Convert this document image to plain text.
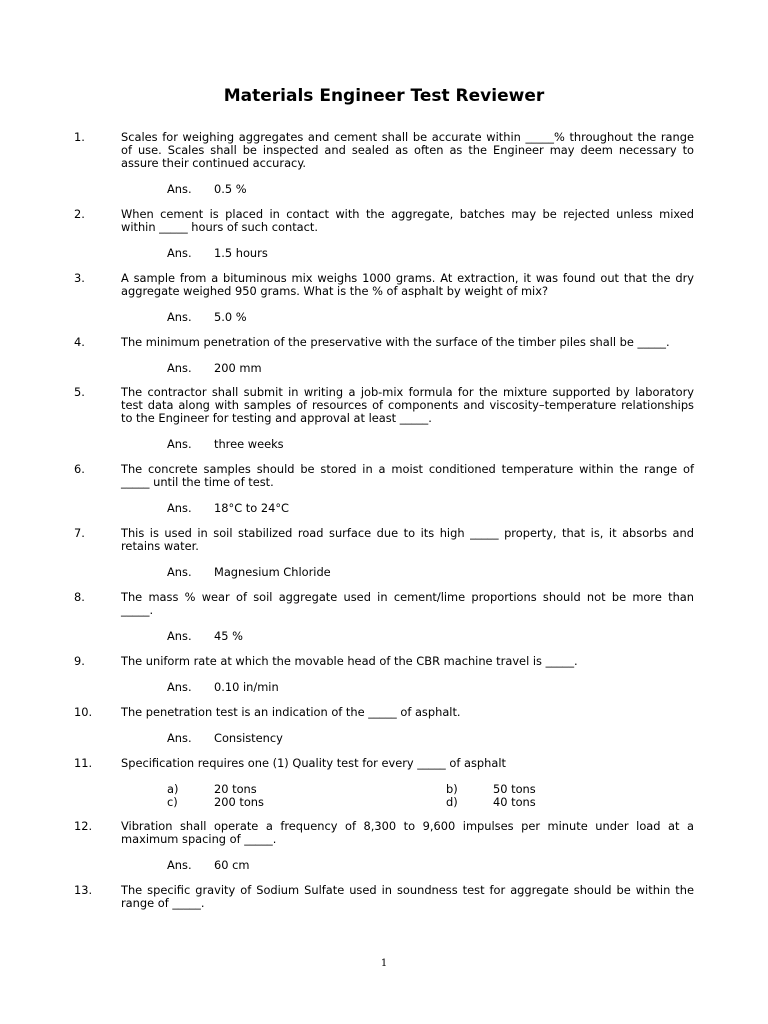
Materials Engineer Test Reviewer
1.	Scales for weighing aggregates and cement shall be accurate within _____% throughout the range
of use. Scales shall be inspected and sealed as often as the Engineer may deem necessary to
assure their continued accuracy.
Ans. 0.5 %
2.	When cement is placed in contact with the aggregate, batches may be rejected unless mixed
within _____ hours of such contact.
Ans. 1.5 hours
3.	A sample from a bituminous mix weighs 1000 grams. At extraction, it was found out that the dry
aggregate weighed 950 grams. What is the % of asphalt by weight of mix?
Ans. 5.0 %
4.	The minimum penetration of the preservative with the surface of the timber piles shall be _____.
Ans. 200 mm
5.	The contractor shall submit in writing a job-mix formula for the mixture supported by laboratory
test data along with samples of resources of components and viscosity–temperature relationships
to the Engineer for testing and approval at least _____.
Ans. three weeks
6.	The concrete samples should be stored in a moist conditioned temperature within the range of
_____ until the time of test.
Ans. 18°C to 24°C
7.	This is used in soil stabilized road surface due to its high _____ property, that is, it absorbs and
retains water.
Ans. Magnesium Chloride
8.	The mass % wear of soil aggregate used in cement/lime proportions should not be more than
_____.
Ans. 45 %
9.	The uniform rate at which the movable head of the CBR machine travel is _____.
Ans. 0.10 in/min
10.	The penetration test is an indication of the _____ of asphalt.
Ans. Consistency
11.	Specification requires one (1) Quality test for every _____ of asphalt
a)	20 tons	b)	50 tons
c)	200 tons	d)	40 tons
12.	Vibration shall operate a frequency of 8,300 to 9,600 impulses per minute under load at a
maximum spacing of _____.
Ans. 60 cm
13.	The specific gravity of Sodium Sulfate used in soundness test for aggregate should be within the
range of _____.
1
